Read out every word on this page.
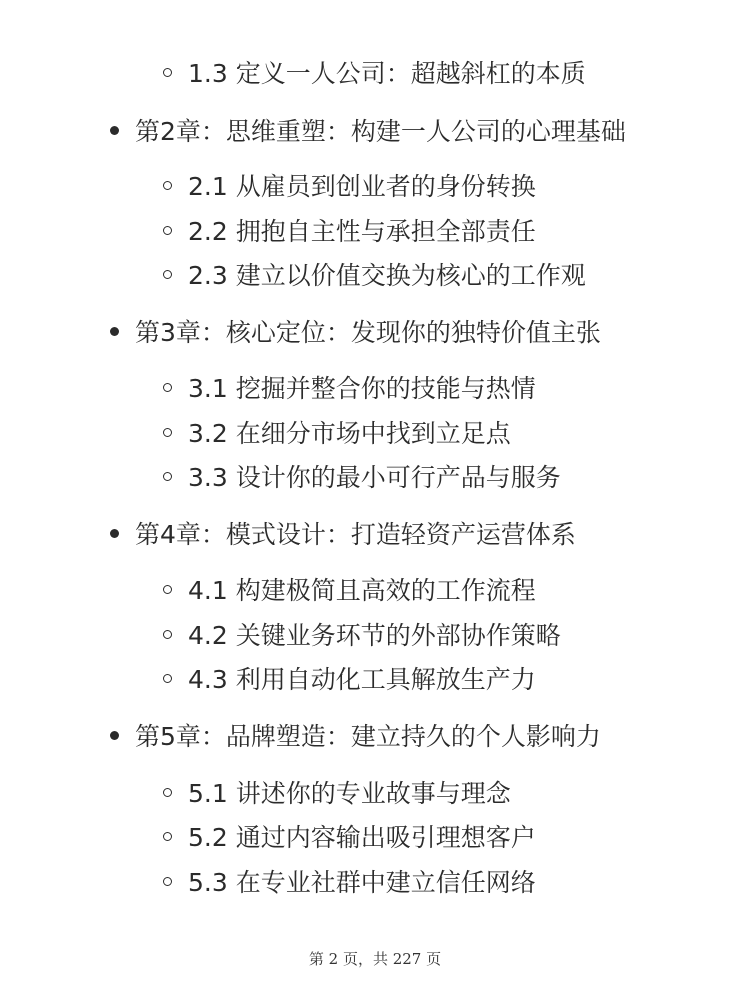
1.3 定义一人公司：超越斜杠的本质
第2章：思维重塑：构建一人公司的心理基础
2.1 从雇员到创业者的身份转换
2.2 拥抱自主性与承担全部责任
2.3 建立以价值交换为核心的工作观
第3章：核心定位：发现你的独特价值主张
3.1 挖掘并整合你的技能与热情
3.2 在细分市场中找到立足点
3.3 设计你的最小可行产品与服务
第4章：模式设计：打造轻资产运营体系
4.1 构建极简且高效的工作流程
4.2 关键业务环节的外部协作策略
4.3 利用自动化工具解放生产力
第5章：品牌塑造：建立持久的个人影响力
5.1 讲述你的专业故事与理念
5.2 通过内容输出吸引理想客户
5.3 在专业社群中建立信任网络
第 2 页，共 227 页
